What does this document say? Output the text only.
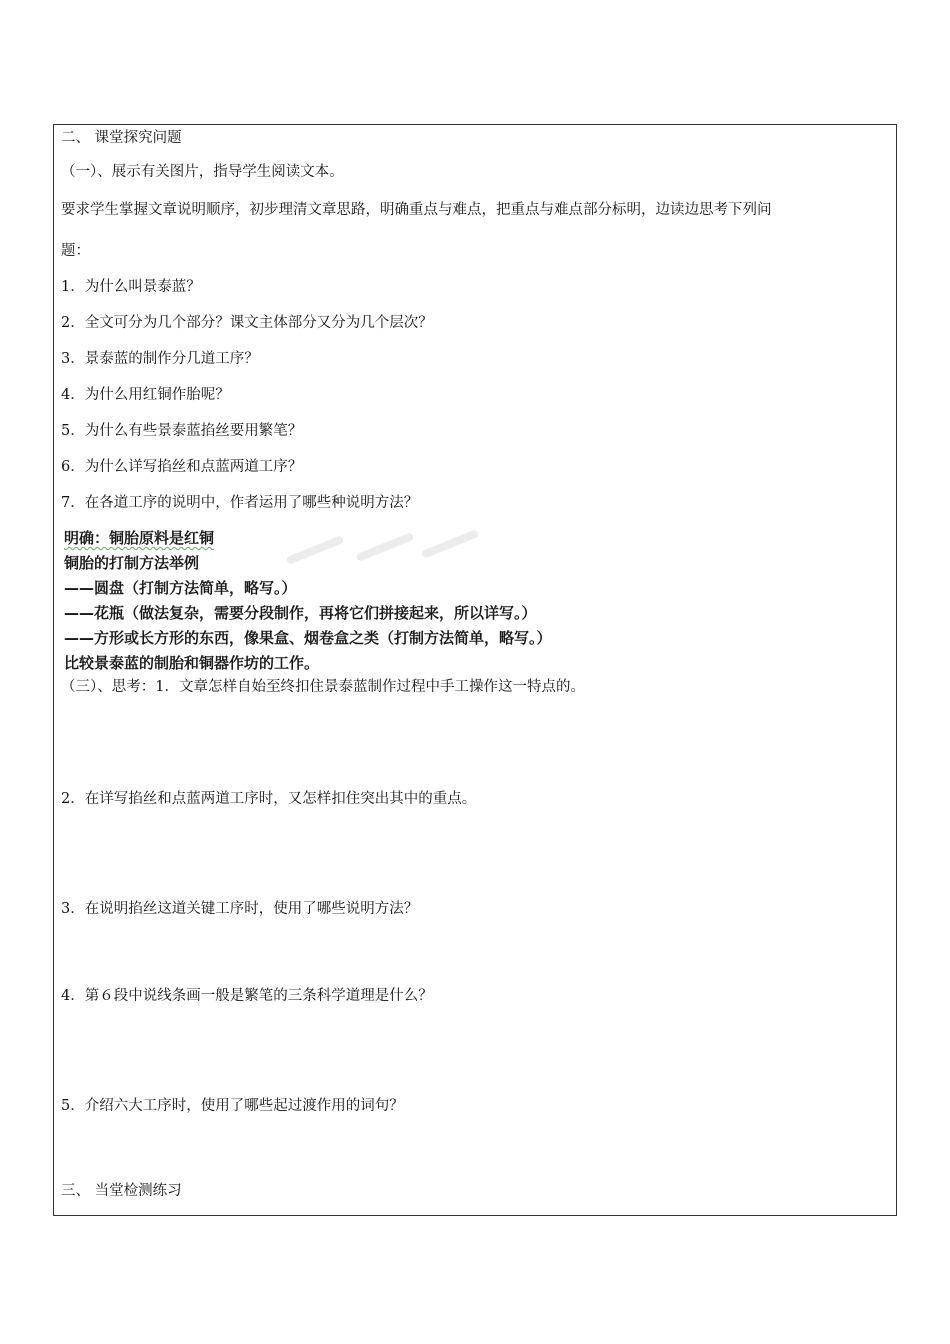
二、 课堂探究问题
（一）、展示有关图片，指导学生阅读文本。
要求学生掌握文章说明顺序，初步理清文章思路，明确重点与难点，把重点与难点部分标明，边读边思考下列问
题：
1．为什么叫景泰蓝？
2．全文可分为几个部分？课文主体部分又分为几个层次？
3．景泰蓝的制作分几道工序？
4．为什么用红铜作胎呢？
5．为什么有些景泰蓝掐丝要用繁笔？
6．为什么详写掐丝和点蓝两道工序？
7．在各道工序的说明中，作者运用了哪些种说明方法？
明确：铜胎原料是红铜
铜胎的打制方法举例
——圆盘（打制方法简单，略写。）
——花瓶（做法复杂，需要分段制作，再将它们拼接起来，所以详写。）
——方形或长方形的东西，像果盒、烟卷盒之类（打制方法简单，略写。）
比较景泰蓝的制胎和铜器作坊的工作。
（三）、思考：1．文章怎样自始至终扣住景泰蓝制作过程中手工操作这一特点的。
2．在详写掐丝和点蓝两道工序时，又怎样扣住突出其中的重点。
3．在说明掐丝这道关键工序时，使用了哪些说明方法？
4．第６段中说线条画一般是繁笔的三条科学道理是什么？
5．介绍六大工序时，使用了哪些起过渡作用的词句？
三、 当堂检测练习
